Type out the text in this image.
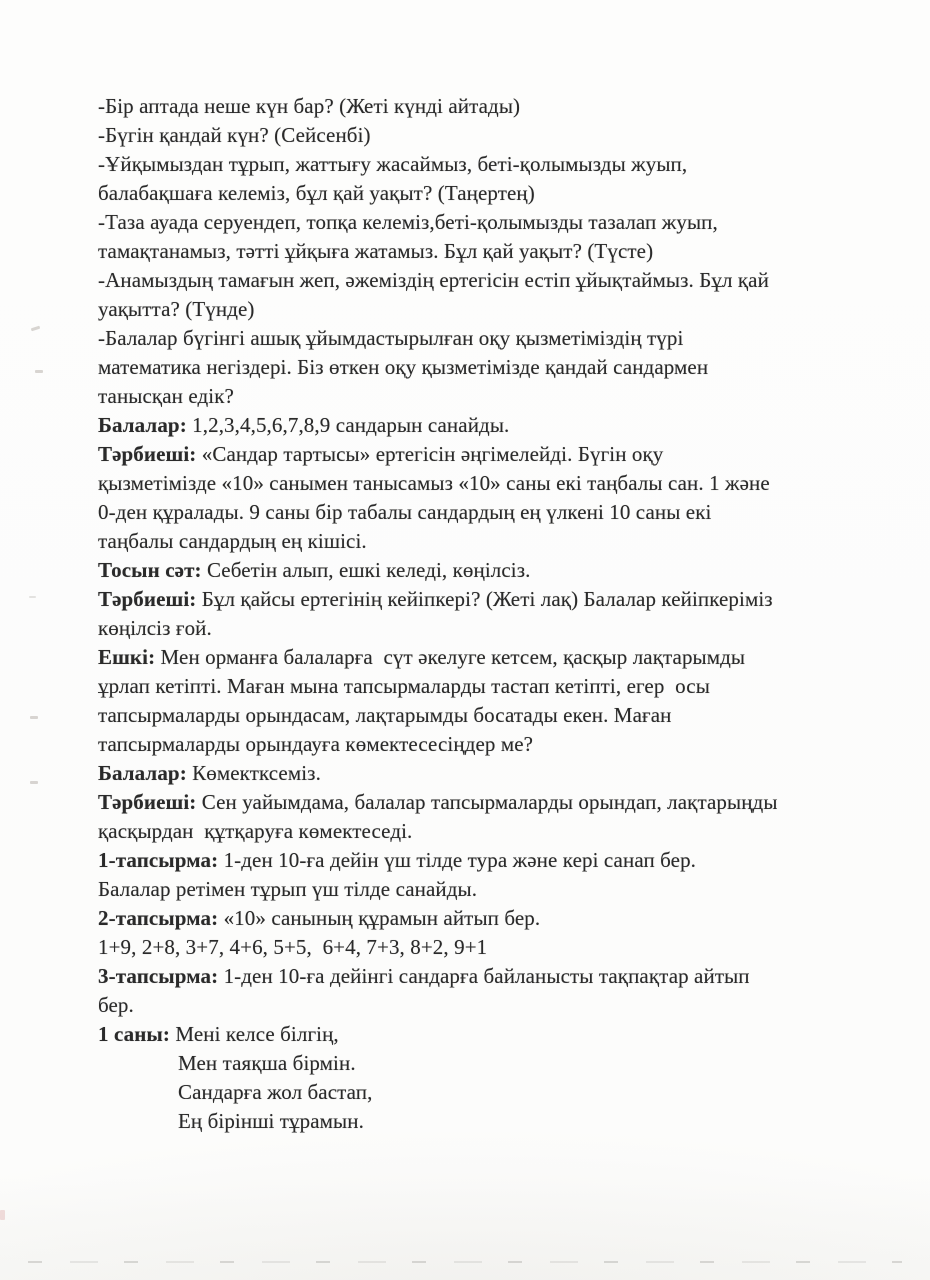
-Бір аптада неше күн бар? (Жеті күнді айтады)
-Бүгін қандай күн? (Сейсенбі)
-Ұйқымыздан тұрып, жаттығу жасаймыз, беті-қолымызды жуып,
балабақшаға келеміз, бұл қай уақыт? (Таңертең)
-Таза ауада серуендеп, топқа келеміз,беті-қолымызды тазалап жуып,
тамақтанамыз, тәтті ұйқыға жатамыз. Бұл қай уақыт? (Түсте)
-Анамыздың тамағын жеп, әжеміздің ертегісін естіп ұйықтаймыз. Бұл қай
уақытта? (Түнде)
-Балалар бүгінгі ашық ұйымдастырылған оқу қызметіміздің түрі
математика негіздері. Біз өткен оқу қызметімізде қандай сандармен
танысқан едік?
Балалар: 1,2,3,4,5,6,7,8,9 сандарын санайды.
Тәрбиеші: «Сандар тартысы» ертегісін әңгімелейді. Бүгін оқу
қызметімізде «10» санымен танысамыз «10» саны екі таңбалы сан. 1 және
0-ден құралады. 9 саны бір табалы сандардың ең үлкені 10 саны екі
таңбалы сандардың ең кішісі.
Тосын сәт: Себетін алып, ешкі келеді, көңілсіз.
Тәрбиеші: Бұл қайсы ертегінің кейіпкері? (Жеті лақ) Балалар кейіпкеріміз
көңілсіз ғой.
Ешкі: Мен орманға балаларға  сүт әкелуге кетсем, қасқыр лақтарымды
ұрлап кетіпті. Маған мына тапсырмаларды тастап кетіпті, егер  осы
тапсырмаларды орындасам, лақтарымды босатады екен. Маған
тапсырмаларды орындауға көмектесесіңдер ме?
Балалар: Көмектксеміз.
Тәрбиеші: Сен уайымдама, балалар тапсырмаларды орындап, лақтарыңды
қасқырдан  құтқаруға көмектеседі.
1-тапсырма: 1-ден 10-ға дейін үш тілде тура және кері санап бер.
Балалар ретімен тұрып үш тілде санайды.
2-тапсырма: «10» санының құрамын айтып бер.
1+9, 2+8, 3+7, 4+6, 5+5,  6+4, 7+3, 8+2, 9+1
3-тапсырма: 1-ден 10-ға дейінгі сандарға байланысты тақпақтар айтып
бер.
1 саны: Мені келсе білгің,
Мен таяқша бірмін.
Сандарға жол бастап,
Ең бірінші тұрамын.
